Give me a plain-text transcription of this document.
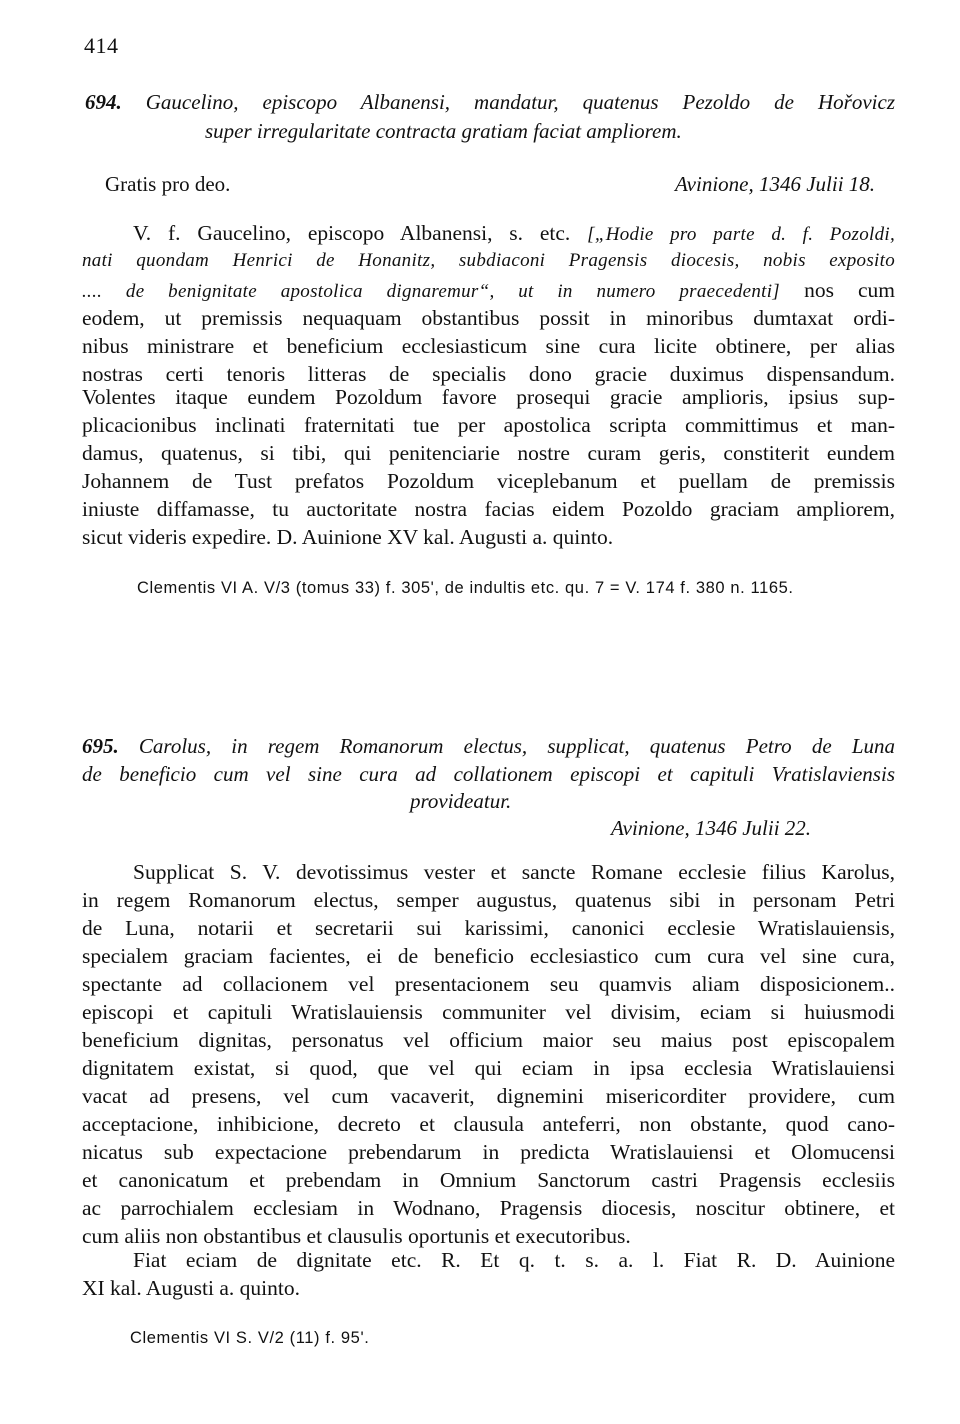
414
694. Gaucelino, episcopo Albanensi, mandatur, quatenus Pezoldo de Hořovicz
super irregularitate contracta gratiam faciat ampliorem.
Gratis pro deo.	Avinione, 1346 Julii 18.
V. f. Gaucelino, episcopo Albanensi, s. etc. [„Hodie pro parte d. f. Pozoldi,
nati quondam Henrici de Honanitz, subdiaconi Pragensis diocesis, nobis exposito
.... de benignitate apostolica dignaremur“, ut in numero praecedenti] nos cum
eodem, ut premissis nequaquam obstantibus possit in minoribus dumtaxat ordi-
nibus ministrare et beneficium ecclesiasticum sine cura licite obtinere, per alias
nostras certi tenoris litteras de specialis dono gracie duximus dispensandum.
Volentes itaque eundem Pozoldum favore prosequi gracie amplioris, ipsius sup-
plicacionibus inclinati fraternitati tue per apostolica scripta committimus et man-
damus, quatenus, si tibi, qui penitenciarie nostre curam geris, constiterit eundem
Johannem de Tust prefatos Pozoldum viceplebanum et puellam de premissis
iniuste diffamasse, tu auctoritate nostra facias eidem Pozoldo graciam ampliorem,
sicut videris expedire. D. Auinione XV kal. Augusti a. quinto.
Clementis VI A. V/3 (tomus 33) f. 305', de indultis etc. qu. 7 = V. 174 f. 380 n. 1165.
695. Carolus, in regem Romanorum electus, supplicat, quatenus Petro de Luna
de beneficio cum vel sine cura ad collationem episcopi et capituli Vratislaviensis
provideatur.
Avinione, 1346 Julii 22.
Supplicat S. V. devotissimus vester et sancte Romane ecclesie filius Karolus,
in regem Romanorum electus, semper augustus, quatenus sibi in personam Petri
de Luna, notarii et secretarii sui karissimi, canonici ecclesie Wratislauiensis,
specialem graciam facientes, ei de beneficio ecclesiastico cum cura vel sine cura,
spectante ad collacionem vel presentacionem seu quamvis aliam disposicionem..
episcopi et capituli Wratislauiensis communiter vel divisim, eciam si huiusmodi
beneficium dignitas, personatus vel officium maior seu maius post episcopalem
dignitatem existat, si quod, que vel qui eciam in ipsa ecclesia Wratislauiensi
vacat ad presens, vel cum vacaverit, dignemini misericorditer providere, cum
acceptacione, inhibicione, decreto et clausula anteferri, non obstante, quod cano-
nicatus sub expectacione prebendarum in predicta Wratislauiensi et Olomucensi
et canonicatum et prebendam in Omnium Sanctorum castri Pragensis ecclesiis
ac parrochialem ecclesiam in Wodnano, Pragensis diocesis, noscitur obtinere, et
cum aliis non obstantibus et clausulis oportunis et executoribus.
Fiat eciam de dignitate etc. R. Et q. t. s. a. l. Fiat R. D. Auinione
XI kal. Augusti a. quinto.
Clementis VI S. V/2 (11) f. 95'.
